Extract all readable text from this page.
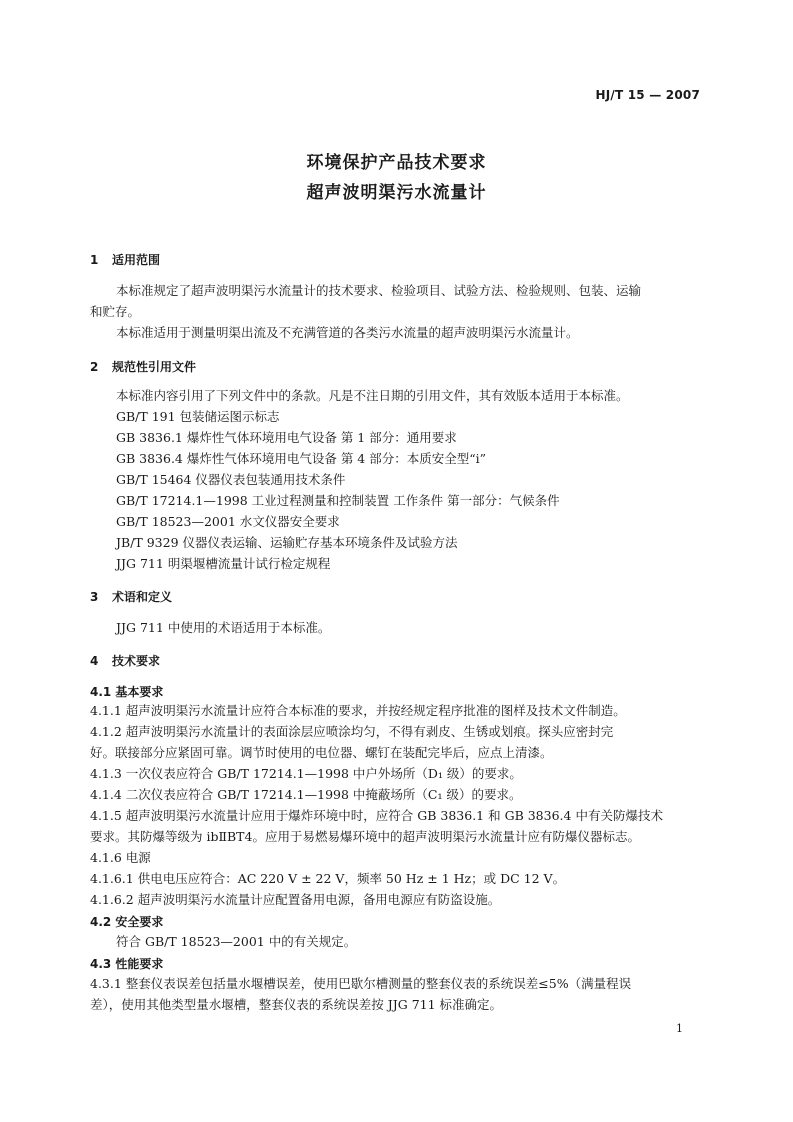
HJ/T 15 — 2007
环境保护产品技术要求
超声波明渠污水流量计
1 适用范围
本标准规定了超声波明渠污水流量计的技术要求、检验项目、试验方法、检验规则、包装、运输
和贮存。
本标准适用于测量明渠出流及不充满管道的各类污水流量的超声波明渠污水流量计。
2 规范性引用文件
本标准内容引用了下列文件中的条款。凡是不注日期的引用文件，其有效版本适用于本标准。
GB/T 191 包装储运图示标志
GB 3836.1 爆炸性气体环境用电气设备 第 1 部分：通用要求
GB 3836.4 爆炸性气体环境用电气设备 第 4 部分：本质安全型“i”
GB/T 15464 仪器仪表包装通用技术条件
GB/T 17214.1—1998 工业过程测量和控制装置 工作条件 第一部分：气候条件
GB/T 18523—2001 水文仪器安全要求
JB/T 9329 仪器仪表运输、运输贮存基本环境条件及试验方法
JJG 711 明渠堰槽流量计试行检定规程
3 术语和定义
JJG 711 中使用的术语适用于本标准。
4 技术要求
4.1 基本要求
4.1.1 超声波明渠污水流量计应符合本标准的要求，并按经规定程序批准的图样及技术文件制造。
4.1.2 超声波明渠污水流量计的表面涂层应喷涂均匀，不得有剥皮、生锈或划痕。探头应密封完
好。联接部分应紧固可靠。调节时使用的电位器、螺钉在装配完毕后，应点上清漆。
4.1.3 一次仪表应符合 GB/T 17214.1—1998 中户外场所（D₁ 级）的要求。
4.1.4 二次仪表应符合 GB/T 17214.1—1998 中掩蔽场所（C₁ 级）的要求。
4.1.5 超声波明渠污水流量计应用于爆炸环境中时，应符合 GB 3836.1 和 GB 3836.4 中有关防爆技术
要求。其防爆等级为 ibⅡBT4。应用于易燃易爆环境中的超声波明渠污水流量计应有防爆仪器标志。
4.1.6 电源
4.1.6.1 供电电压应符合：AC 220 V ± 22 V，频率 50 Hz ± 1 Hz；或 DC 12 V。
4.1.6.2 超声波明渠污水流量计应配置备用电源，备用电源应有防盗设施。
4.2 安全要求
符合 GB/T 18523—2001 中的有关规定。
4.3 性能要求
4.3.1 整套仪表误差包括量水堰槽误差，使用巴歇尔槽测量的整套仪表的系统误差≤5%（满量程误
差），使用其他类型量水堰槽，整套仪表的系统误差按 JJG 711 标准确定。
1
